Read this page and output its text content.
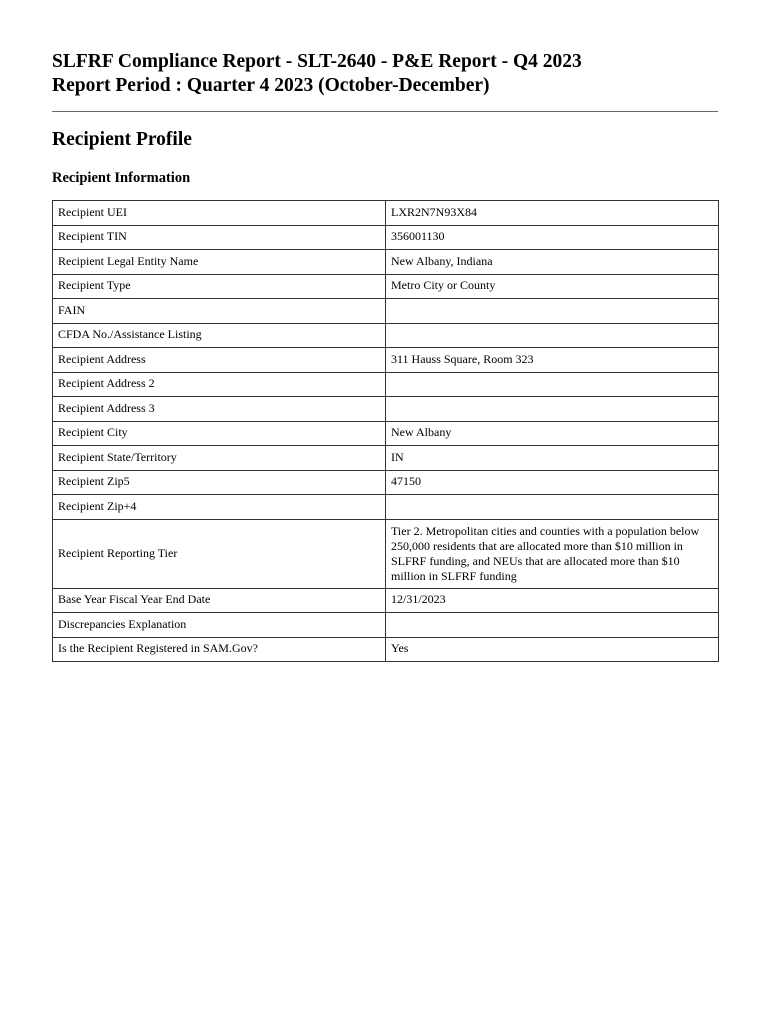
SLFRF Compliance Report - SLT-2640 - P&E Report - Q4 2023
Report Period : Quarter 4 2023 (October-December)
Recipient Profile
Recipient Information
Recipient UEI	LXR2N7N93X84
Recipient TIN	356001130
Recipient Legal Entity Name	New Albany, Indiana
Recipient Type	Metro City or County
FAIN	
CFDA No./Assistance Listing	
Recipient Address	311 Hauss Square, Room 323
Recipient Address 2	
Recipient Address 3	
Recipient City	New Albany
Recipient State/Territory	IN
Recipient Zip5	47150
Recipient Zip+4	
Recipient Reporting Tier	Tier 2. Metropolitan cities and counties with a population below 250,000 residents that are allocated more than $10 million in SLFRF funding, and NEUs that are allocated more than $10 million in SLFRF funding
Base Year Fiscal Year End Date	12/31/2023
Discrepancies Explanation	
Is the Recipient Registered in SAM.Gov?	Yes
